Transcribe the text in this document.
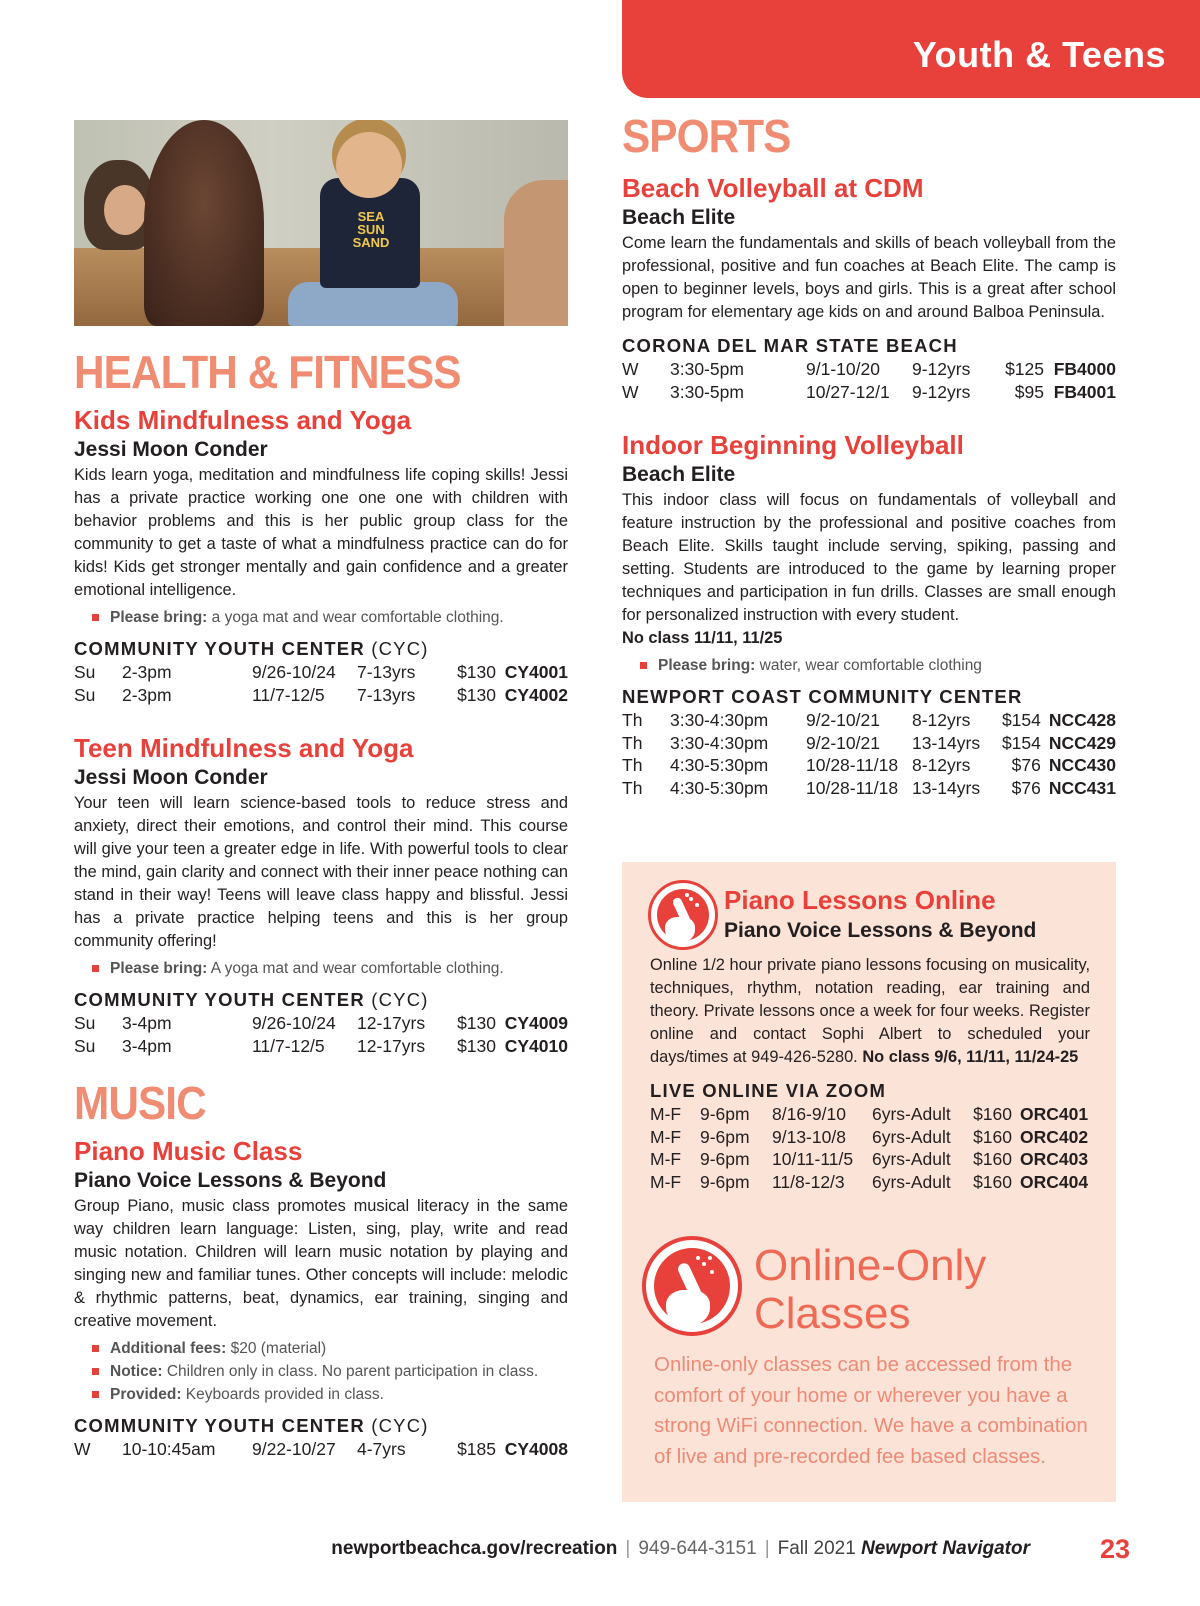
Youth & Teens
SEA
SUN
SAND
HEALTH & FITNESS
Kids Mindfulness and Yoga
Jessi Moon Conder
Kids learn yoga, meditation and mindfulness life coping skills! Jessi has a private practice working one one one with children with behavior problems and this is her public group class for the community to get a taste of what a mindfulness practice can do for kids! Kids get stronger mentally and gain confidence and a greater emotional intelligence.
Please bring: a yoga mat and wear comfortable clothing.
COMMUNITY YOUTH CENTER (CYC)
Su	2-3pm	9/26-10/24	7-13yrs	$130	CY4001
Su	2-3pm	11/7-12/5	7-13yrs	$130	CY4002
Teen Mindfulness and Yoga
Jessi Moon Conder
Your teen will learn science-based tools to reduce stress and anxiety, direct their emotions, and control their mind. This course will give your teen a greater edge in life. With powerful tools to clear the mind, gain clarity and connect with their inner peace nothing can stand in their way! Teens will leave class happy and blissful. Jessi has a private practice helping teens and this is her group community offering!
Please bring: A yoga mat and wear comfortable clothing.
COMMUNITY YOUTH CENTER (CYC)
Su	3-4pm	9/26-10/24	12-17yrs	$130	CY4009
Su	3-4pm	11/7-12/5	12-17yrs	$130	CY4010
MUSIC
Piano Music Class
Piano Voice Lessons & Beyond
Group Piano, music class promotes musical literacy in the same way children learn language: Listen, sing, play, write and read music notation. Children will learn music notation by playing and singing new and familiar tunes. Other concepts will include: melodic & rhythmic patterns, beat, dynamics, ear training, singing and creative movement.
Additional fees: $20 (material)
Notice: Children only in class. No parent participation in class.
Provided: Keyboards provided in class.
COMMUNITY YOUTH CENTER (CYC)
W	10-10:45am	9/22-10/27	4-7yrs	$185	CY4008
SPORTS
Beach Volleyball at CDM
Beach Elite
Come learn the fundamentals and skills of beach volleyball from the professional, positive and fun coaches at Beach Elite. The camp is open to beginner levels, boys and girls. This is a great after school program for elementary age kids on and around Balboa Peninsula.
CORONA DEL MAR STATE BEACH
W	3:30-5pm	9/1-10/20	9-12yrs	$125	FB4000
W	3:30-5pm	10/27-12/1	9-12yrs	$95	FB4001
Indoor Beginning Volleyball
Beach Elite
This indoor class will focus on fundamentals of volleyball and feature instruction by the professional and positive coaches from Beach Elite. Skills taught include serving, spiking, passing and setting. Students are introduced to the game by learning proper techniques and participation in fun drills. Classes are small enough for personalized instruction with every student.
No class 11/11, 11/25
Please bring: water, wear comfortable clothing
NEWPORT COAST COMMUNITY CENTER
Th	3:30-4:30pm	9/2-10/21	8-12yrs	$154	NCC428
Th	3:30-4:30pm	9/2-10/21	13-14yrs	$154	NCC429
Th	4:30-5:30pm	10/28-11/18	8-12yrs	$76	NCC430
Th	4:30-5:30pm	10/28-11/18	13-14yrs	$76	NCC431
Piano Lessons Online
Piano Voice Lessons & Beyond
Online 1/2 hour private piano lessons focusing on musicality, techniques, rhythm, notation reading, ear training and theory. Private lessons once a week for four weeks. Register online and contact Sophi Albert to scheduled your days/times at 949-426-5280. No class 9/6, 11/11, 11/24-25
LIVE ONLINE VIA ZOOM
M-F	9-6pm	8/16-9/10	6yrs-Adult	$160	ORC401
M-F	9-6pm	9/13-10/8	6yrs-Adult	$160	ORC402
M-F	9-6pm	10/11-11/5	6yrs-Adult	$160	ORC403
M-F	9-6pm	11/8-12/3	6yrs-Adult	$160	ORC404
Online-Only
Classes
Online-only classes can be accessed from the comfort of your home or wherever you have a strong WiFi connection. We have a combination of live and pre-recorded fee based classes.
newportbeachca.gov/recreation | 949-644-3151 | Fall 2021 Newport Navigator	23
